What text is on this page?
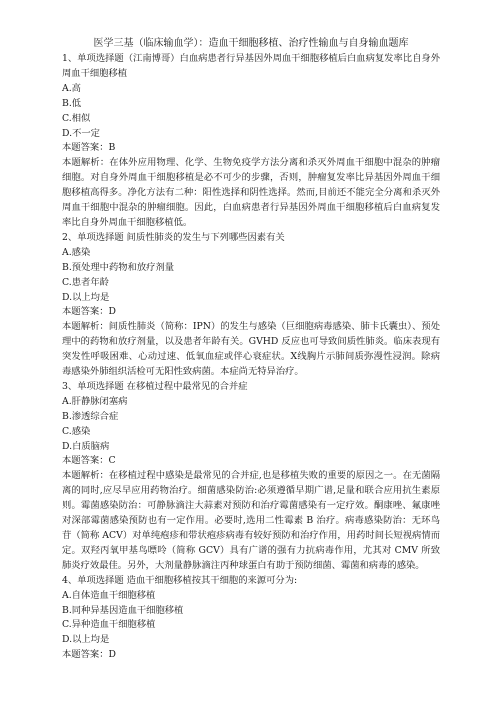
医学三基（临床输血学）：造血干细胞移植、治疗性输血与自身输血题库
1、单项选择题（江南博哥）白血病患者行异基因外周血干细胞移植后白血病复发率比自身外周血干细胞移植
A.高
B.低
C.相似
D.不一定
本题答案：B
本题解析：在体外应用物理、化学、生物免疫学方法分离和杀灭外周血干细胞中混杂的肿瘤细胞。对自身外周血干细胞移植是必不可少的步骤，否则，肿瘤复发率比异基因外周血干细胞移植高得多。净化方法有二种：阳性选择和阴性选择。然而,目前还不能完全分离和杀灭外周血干细胞中混杂的肿瘤细胞。因此，白血病患者行异基因外周血干细胞移植后白血病复发率比自身外周血干细胞移植低。
2、单项选择题 间质性肺炎的发生与下列哪些因素有关
A.感染
B.预处理中药物和放疗剂量
C.患者年龄
D.以上均是
本题答案：D
本题解析：间质性肺炎（简称：IPN）的发生与感染（巨细胞病毒感染、肺卡氏囊虫）、预处理中的药物和放疗剂量，以及患者年龄有关。GVHD 反应也可导致间质性肺炎。临床表现有突发性呼吸困难、心动过速、低氧血症或伴心衰症状。X线胸片示肺间质弥漫性浸润。除病毒感染外肺组织活检可无阳性致病菌。本症尚无特异治疗。
3、单项选择题 在移植过程中最常见的合并症
A.肝静脉闭塞病
B.渗透综合症
C.感染
D.白质脑病
本题答案：C
本题解析：在移植过程中感染是最常见的合并症,也是移植失败的重要的原因之一。在无菌隔离的同时,应尽早应用药物治疗。细菌感染防治:必须遵循早期广谱,足量和联合应用抗生素原则。霉菌感染防治：可静脉滴注大蒜素对预防和治疗霉菌感染有一定疗效。酮康唑、氟康唑对深部霉菌感染预防也有一定作用。必要时,选用二性霉素 B 治疗。病毒感染防治：无环鸟苷（简称 ACV）对单纯疱疹和带状疱疹病毒有较好预防和治疗作用，用药时间长短视病情而定。双羟丙氧甲基鸟嘌呤（简称 GCV）具有广谱的强有力抗病毒作用，尤其对 CMV 所致肺炎疗效最佳。另外，大剂量静脉滴注丙种球蛋白有助于预防细菌、霉菌和病毒的感染。
4、单项选择题 造血干细胞移植按其干细胞的来源可分为:
A.自体造血干细胞移植
B.同种异基因造血干细胞移植
C.异种造血干细胞移植
D.以上均是
本题答案：D
